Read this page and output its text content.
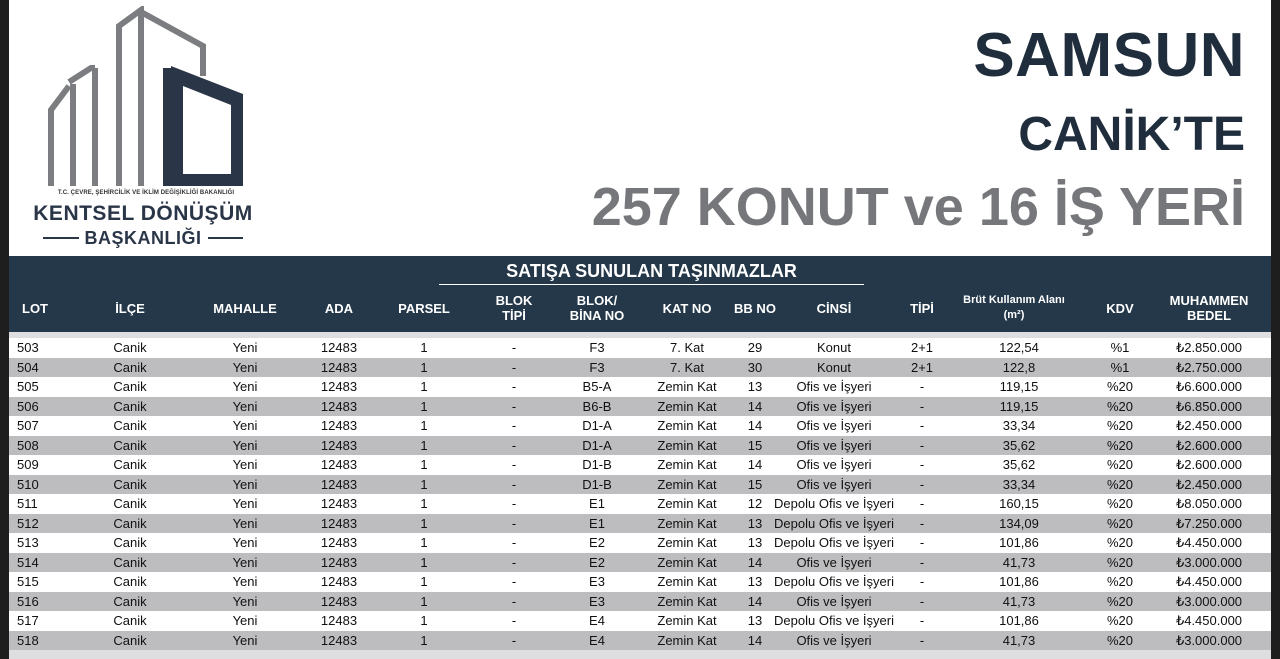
T.C. ÇEVRE, ŞEHİRCİLİK VE İKLİM DEĞİŞİKLİĞİ BAKANLIĞI
KENTSEL DÖNÜŞÜM
BAŞKANLIĞI
SAMSUN
CANİK’TE
257 KONUT ve 16 İŞ YERİ
SATIŞA SUNULAN TAŞINMAZLAR
LOT	İLÇE	MAHALLE	ADA	PARSEL	BLOK
TİPİ
BLOK/
BİNA NO	KAT NO	BB NO	CİNSİ	TİPİ
Brüt Kullanım Alanı
(m²)	KDV	MUHAMMEN
BEDEL
503	Canik	Yeni	12483	1	-	F3	7. Kat	29	Konut	2+1	122,54	%1	₺2.850.000
504	Canik	Yeni	12483	1	-	F3	7. Kat	30	Konut	2+1	122,8	%1	₺2.750.000
505	Canik	Yeni	12483	1	-	B5-A	Zemin Kat	13	Ofis ve İşyeri	-	119,15	%20	₺6.600.000
506	Canik	Yeni	12483	1	-	B6-B	Zemin Kat	14	Ofis ve İşyeri	-	119,15	%20	₺6.850.000
507	Canik	Yeni	12483	1	-	D1-A	Zemin Kat	14	Ofis ve İşyeri	-	33,34	%20	₺2.450.000
508	Canik	Yeni	12483	1	-	D1-A	Zemin Kat	15	Ofis ve İşyeri	-	35,62	%20	₺2.600.000
509	Canik	Yeni	12483	1	-	D1-B	Zemin Kat	14	Ofis ve İşyeri	-	35,62	%20	₺2.600.000
510	Canik	Yeni	12483	1	-	D1-B	Zemin Kat	15	Ofis ve İşyeri	-	33,34	%20	₺2.450.000
511	Canik	Yeni	12483	1	-	E1	Zemin Kat	12 Depolu Ofis ve İşyeri	-	160,15	%20	₺8.050.000
512	Canik	Yeni	12483	1	-	E1	Zemin Kat	13 Depolu Ofis ve İşyeri	-	134,09	%20	₺7.250.000
513	Canik	Yeni	12483	1	-	E2	Zemin Kat	13 Depolu Ofis ve İşyeri	-	101,86	%20	₺4.450.000
514	Canik	Yeni	12483	1	-	E2	Zemin Kat	14	Ofis ve İşyeri	-	41,73	%20	₺3.000.000
515	Canik	Yeni	12483	1	-	E3	Zemin Kat	13 Depolu Ofis ve İşyeri	-	101,86	%20	₺4.450.000
516	Canik	Yeni	12483	1	-	E3	Zemin Kat	14	Ofis ve İşyeri	-	41,73	%20	₺3.000.000
517	Canik	Yeni	12483	1	-	E4	Zemin Kat	13 Depolu Ofis ve İşyeri	-	101,86	%20	₺4.450.000
518	Canik	Yeni	12483	1	-	E4	Zemin Kat	14	Ofis ve İşyeri	-	41,73	%20	₺3.000.000
